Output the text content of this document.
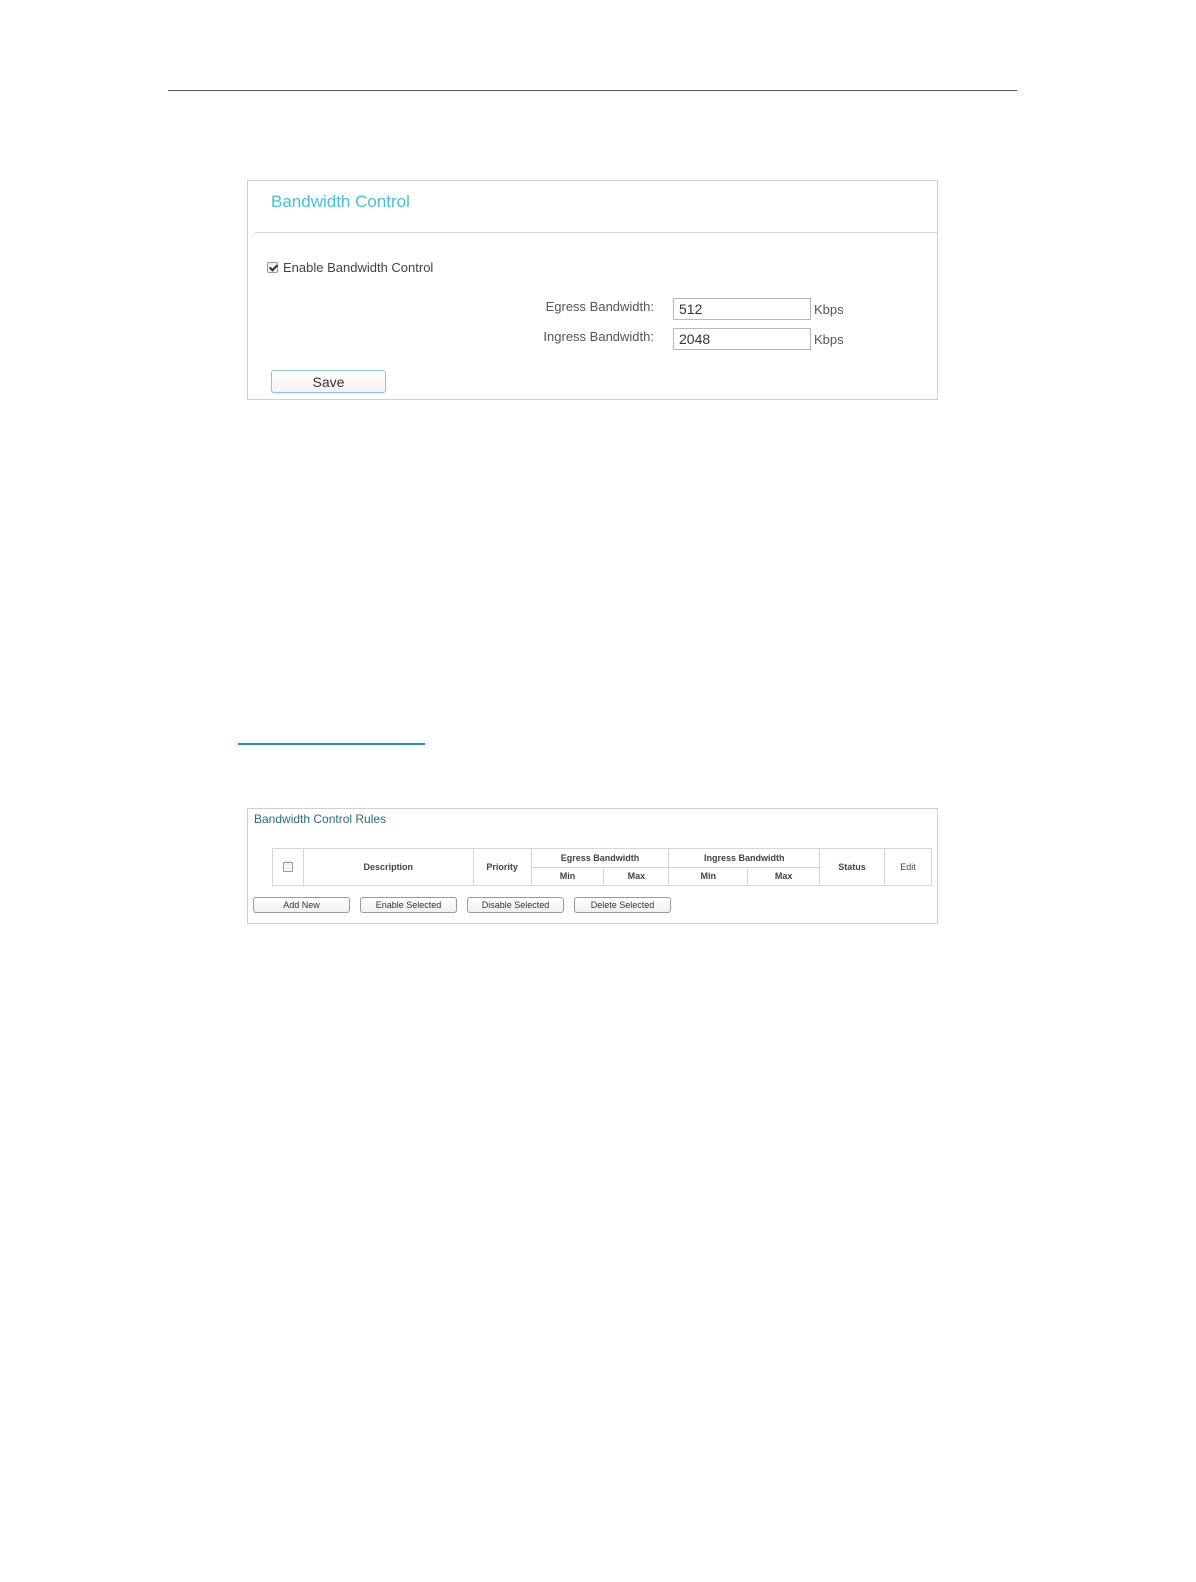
Bandwidth Control
Enable Bandwidth Control
Egress Bandwidth:
512	Kbps
Ingress Bandwidth:
2048	Kbps
Save
Bandwidth Control Rules
	Description	Priority	Egress Bandwidth		Ingress Bandwidth		Status	Edit
			Min	Max	Min	Max		
Add New	Enable Selected	Disable Selected	Delete Selected
